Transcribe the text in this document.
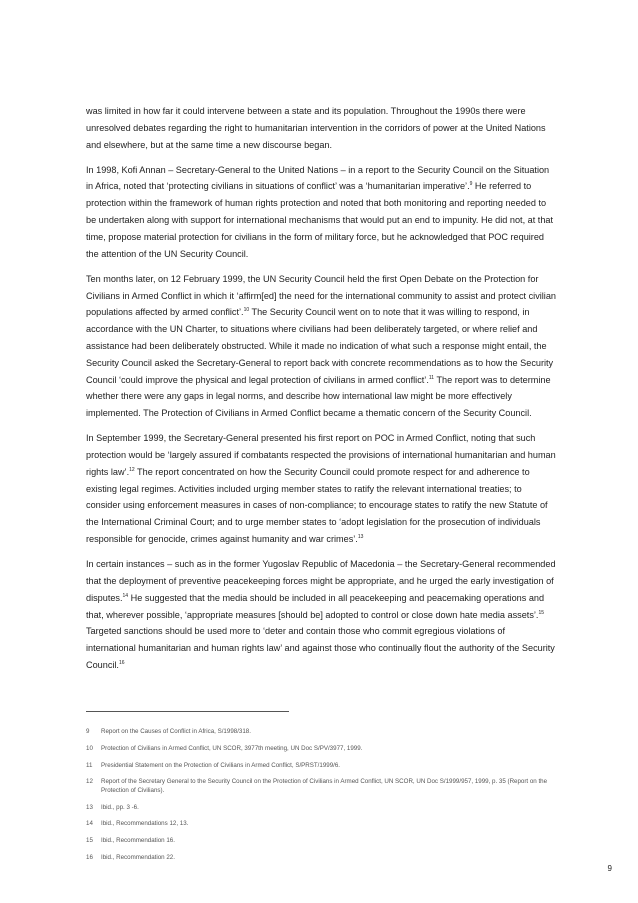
was limited in how far it could intervene between a state and its population. Throughout the 1990s there were unresolved debates regarding the right to humanitarian intervention in the corridors of power at the United Nations and elsewhere, but at the same time a new discourse began.

In 1998, Kofi Annan – Secretary-General to the United Nations – in a report to the Security Council on the Situation in Africa, noted that ‘protecting civilians in situations of conflict’ was a ‘humanitarian imperative’.$^9$ He referred to protection within the framework of human rights protection and noted that both monitoring and reporting needed to be undertaken along with support for international mechanisms that would put an end to impunity. He did not, at that time, propose material protection for civilians in the form of military force, but he acknowledged that POC required the attention of the UN Security Council.

Ten months later, on 12 February 1999, the UN Security Council held the first Open Debate on the Protection for Civilians in Armed Conflict in which it ‘affirm[ed] the need for the international community to assist and protect civilian populations affected by armed conflict’.$^{10}$ The Security Council went on to note that it was willing to respond, in accordance with the UN Charter, to situations where civilians had been deliberately targeted, or where relief and assistance had been deliberately obstructed. While it made no indication of what such a response might entail, the Security Council asked the Secretary-General to report back with concrete recommendations as to how the Security Council ‘could improve the physical and legal protection of civilians in armed conflict’.$^{11}$ The report was to determine whether there were any gaps in legal norms, and describe how international law might be more effectively implemented. The Protection of Civilians in Armed Conflict became a thematic concern of the Security Council.

In September 1999, the Secretary-General presented his first report on POC in Armed Conflict, noting that such protection would be ‘largely assured if combatants respected the provisions of international humanitarian and human rights law’.$^{12}$ The report concentrated on how the Security Council could promote respect for and adherence to existing legal regimes. Activities included urging member states to ratify the relevant international treaties; to consider using enforcement measures in cases of non-compliance; to encourage states to ratify the new Statute of the International Criminal Court; and to urge member states to ‘adopt legislation for the prosecution of individuals responsible for genocide, crimes against humanity and war crimes’.$^{13}$

In certain instances – such as in the former Yugoslav Republic of Macedonia – the Secretary-General recommended that the deployment of preventive peacekeeping forces might be appropriate, and he urged the early investigation of disputes.$^{14}$ He suggested that the media should be included in all peacekeeping and peacemaking operations and that, wherever possible, ‘appropriate measures [should be] adopted to control or close down hate media assets’.$^{15}$ Targeted sanctions should be used more to ‘deter and contain those who commit egregious violations of international humanitarian and human rights law’ and against those who continually flout the authority of the Security Council.$^{16}$

9	Report on the Causes of Conflict in Africa, S/1998/318.
10	Protection of Civilians in Armed Conflict, UN SCOR, 3977th meeting, UN Doc S/PV/3977, 1999.
11	Presidential Statement on the Protection of Civilians in Armed Conflict, S/PRST/1999/6.
12	Report of the Secretary General to the Security Council on the Protection of Civilians in Armed Conflict, UN SCOR, UN Doc S/1999/957, 1999, p. 35 (Report on the Protection of Civilians).
13	Ibid., pp. 3 -6.
14	Ibid., Recommendations 12, 13.
15	Ibid., Recommendation 16.
16	Ibid., Recommendation 22.
9
